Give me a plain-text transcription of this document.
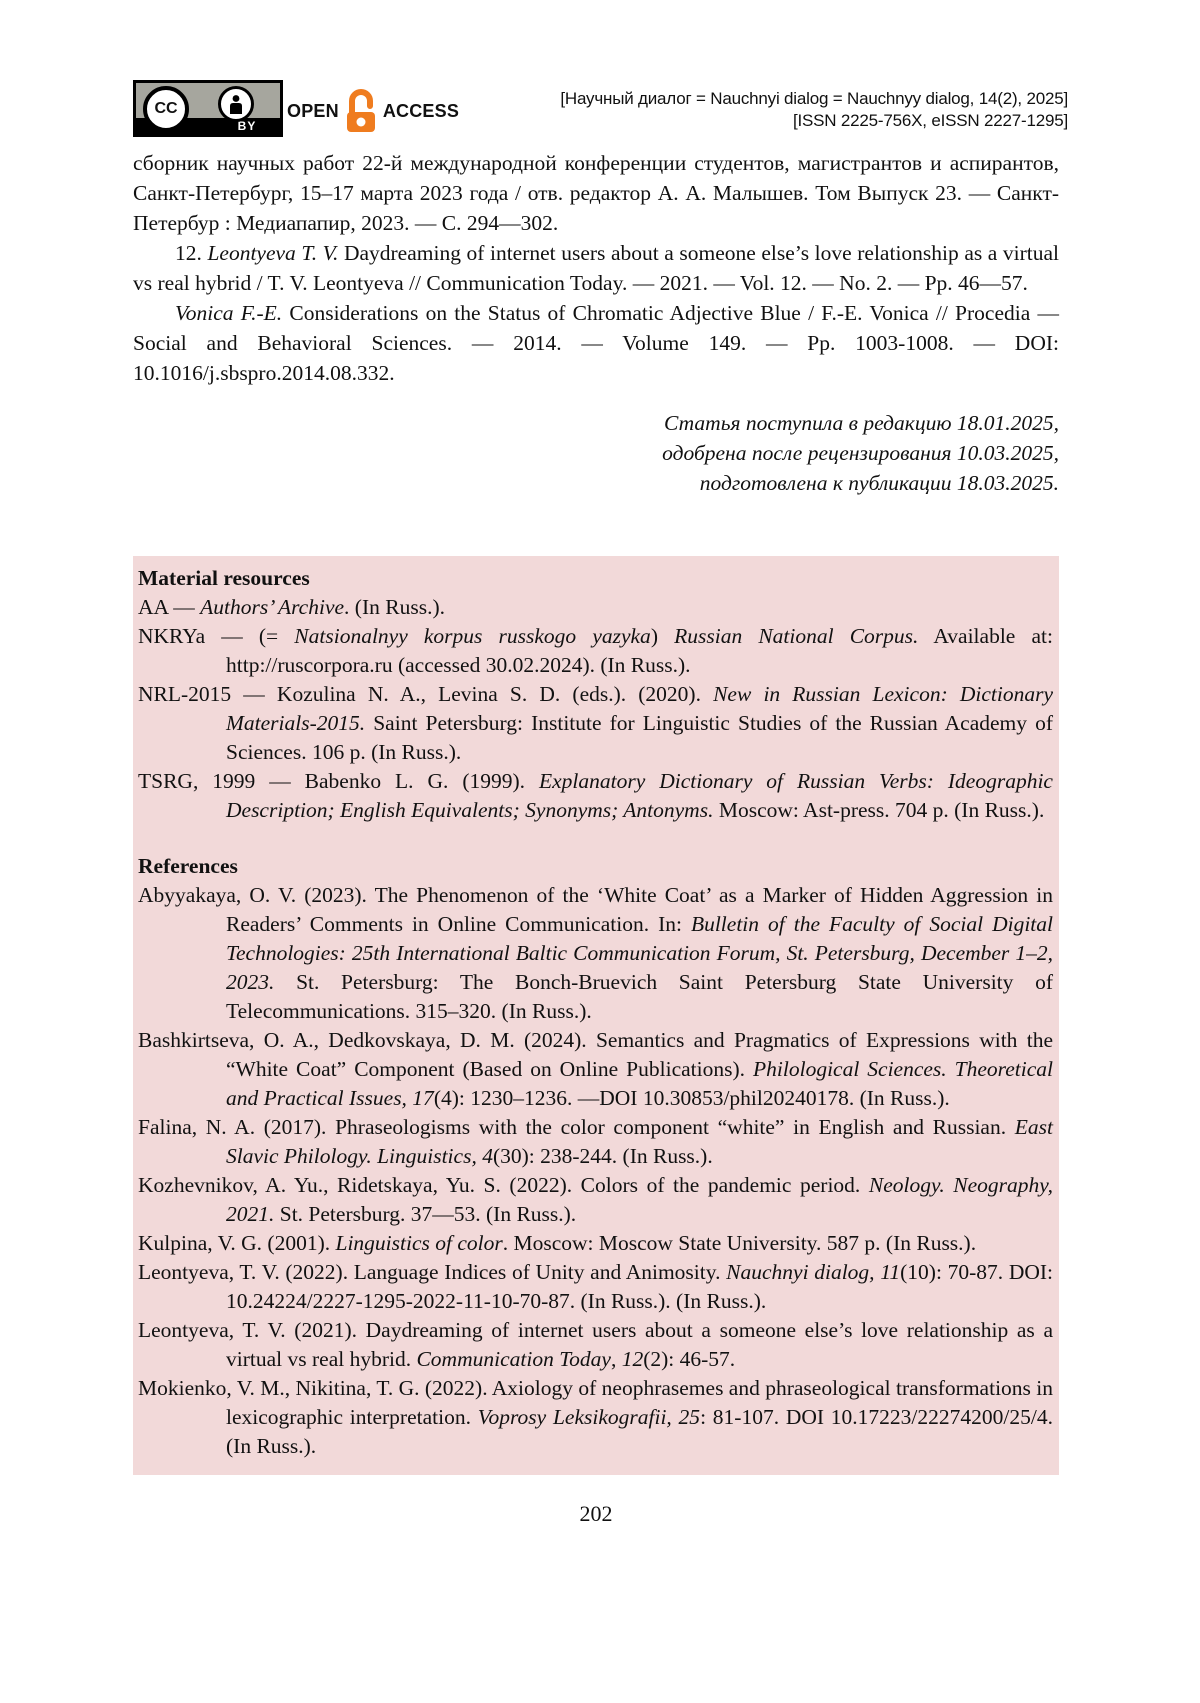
BY
CC	OPEN ACCESS
[Научный диалог = Nauchnyi dialog = Nauchnyy dialog, 14(2), 2025]
[ISSN 2225-756X, eISSN 2227-1295]

сборник научных работ 22-й международной конференции студентов, магистрантов и аспирантов, Санкт-Петербург, 15–17 марта 2023 года / отв. редактор А. А. Малышев. Том Выпуск 23. — Санкт-Петербур : Медиапапир, 2023. — С. 294—302.

12. Leontyeva T. V. Daydreaming of internet users about a someone else’s love relationship as a virtual vs real hybrid / T. V. Leontyeva // Communication Today. — 2021. — Vol. 12. — No. 2. — Pp. 46—57.

Vonica F.-E. Considerations on the Status of Chromatic Adjective Blue / F.-E. Vonica // Procedia — Social and Behavioral Sciences. — 2014. — Volume 149. — Pp. 1003-1008. — DOI: 10.1016/j.sbspro.2014.08.332.

Статья поступила в редакцию 18.01.2025,
одобрена после рецензирования 10.03.2025,
подготовлена к публикации 18.03.2025.
Material resources

AA — Authors’ Archive. (In Russ.).

NKRYa — (= Natsionalnyy korpus russkogo yazyka) Russian National Corpus. Available at: http://ruscorpora.ru (accessed 30.02.2024). (In Russ.).

NRL-2015 — Kozulina N. A., Levina S. D. (eds.). (2020). New in Russian Lexicon: Dictionary Materials-2015. Saint Petersburg: Institute for Linguistic Studies of the Russian Academy of Sciences. 106 p. (In Russ.).

TSRG, 1999 — Babenko L. G. (1999). Explanatory Dictionary of Russian Verbs: Ideographic Description; English Equivalents; Synonyms; Antonyms. Moscow: Ast-press. 704 p. (In Russ.).

References

Abyyakaya, O. V. (2023). The Phenomenon of the ‘White Coat’ as a Marker of Hidden Aggression in Readers’ Comments in Online Communication. In: Bulletin of the Faculty of Social Digital Technologies: 25th International Baltic Communication Forum, St. Petersburg, December 1–2, 2023. St. Petersburg: The Bonch-Bruevich Saint Petersburg State University of Telecommunications. 315–320. (In Russ.).

Bashkirtseva, O. A., Dedkovskaya, D. M. (2024). Semantics and Pragmatics of Expressions with the “White Coat” Component (Based on Online Publications). Philological Sciences. Theoretical and Practical Issues, 17(4): 1230–1236. —DOI 10.30853/phil20240178. (In Russ.).

Falina, N. A. (2017). Phraseologisms with the color component “white” in English and Russian. East Slavic Philology. Linguistics, 4(30): 238-244. (In Russ.).

Kozhevnikov, A. Yu., Ridetskaya, Yu. S. (2022). Colors of the pandemic period. Neology. Neography, 2021. St. Petersburg. 37—53. (In Russ.).

Kulpina, V. G. (2001). Linguistics of color. Moscow: Moscow State University. 587 p. (In Russ.).

Leontyeva, T. V. (2022). Language Indices of Unity and Animosity. Nauchnyi dialog, 11(10): 70-87. DOI: 10.24224/2227-1295-2022-11-10-70-87. (In Russ.). (In Russ.).

Leontyeva, T. V. (2021). Daydreaming of internet users about a someone else’s love relationship as a virtual vs real hybrid. Communication Today, 12(2): 46-57.

Mokienko, V. M., Nikitina, T. G. (2022). Axiology of neophrasemes and phraseological transformations in lexicographic interpretation. Voprosy Leksikografii, 25: 81-107. DOI 10.17223/22274200/25/4. (In Russ.).

202
